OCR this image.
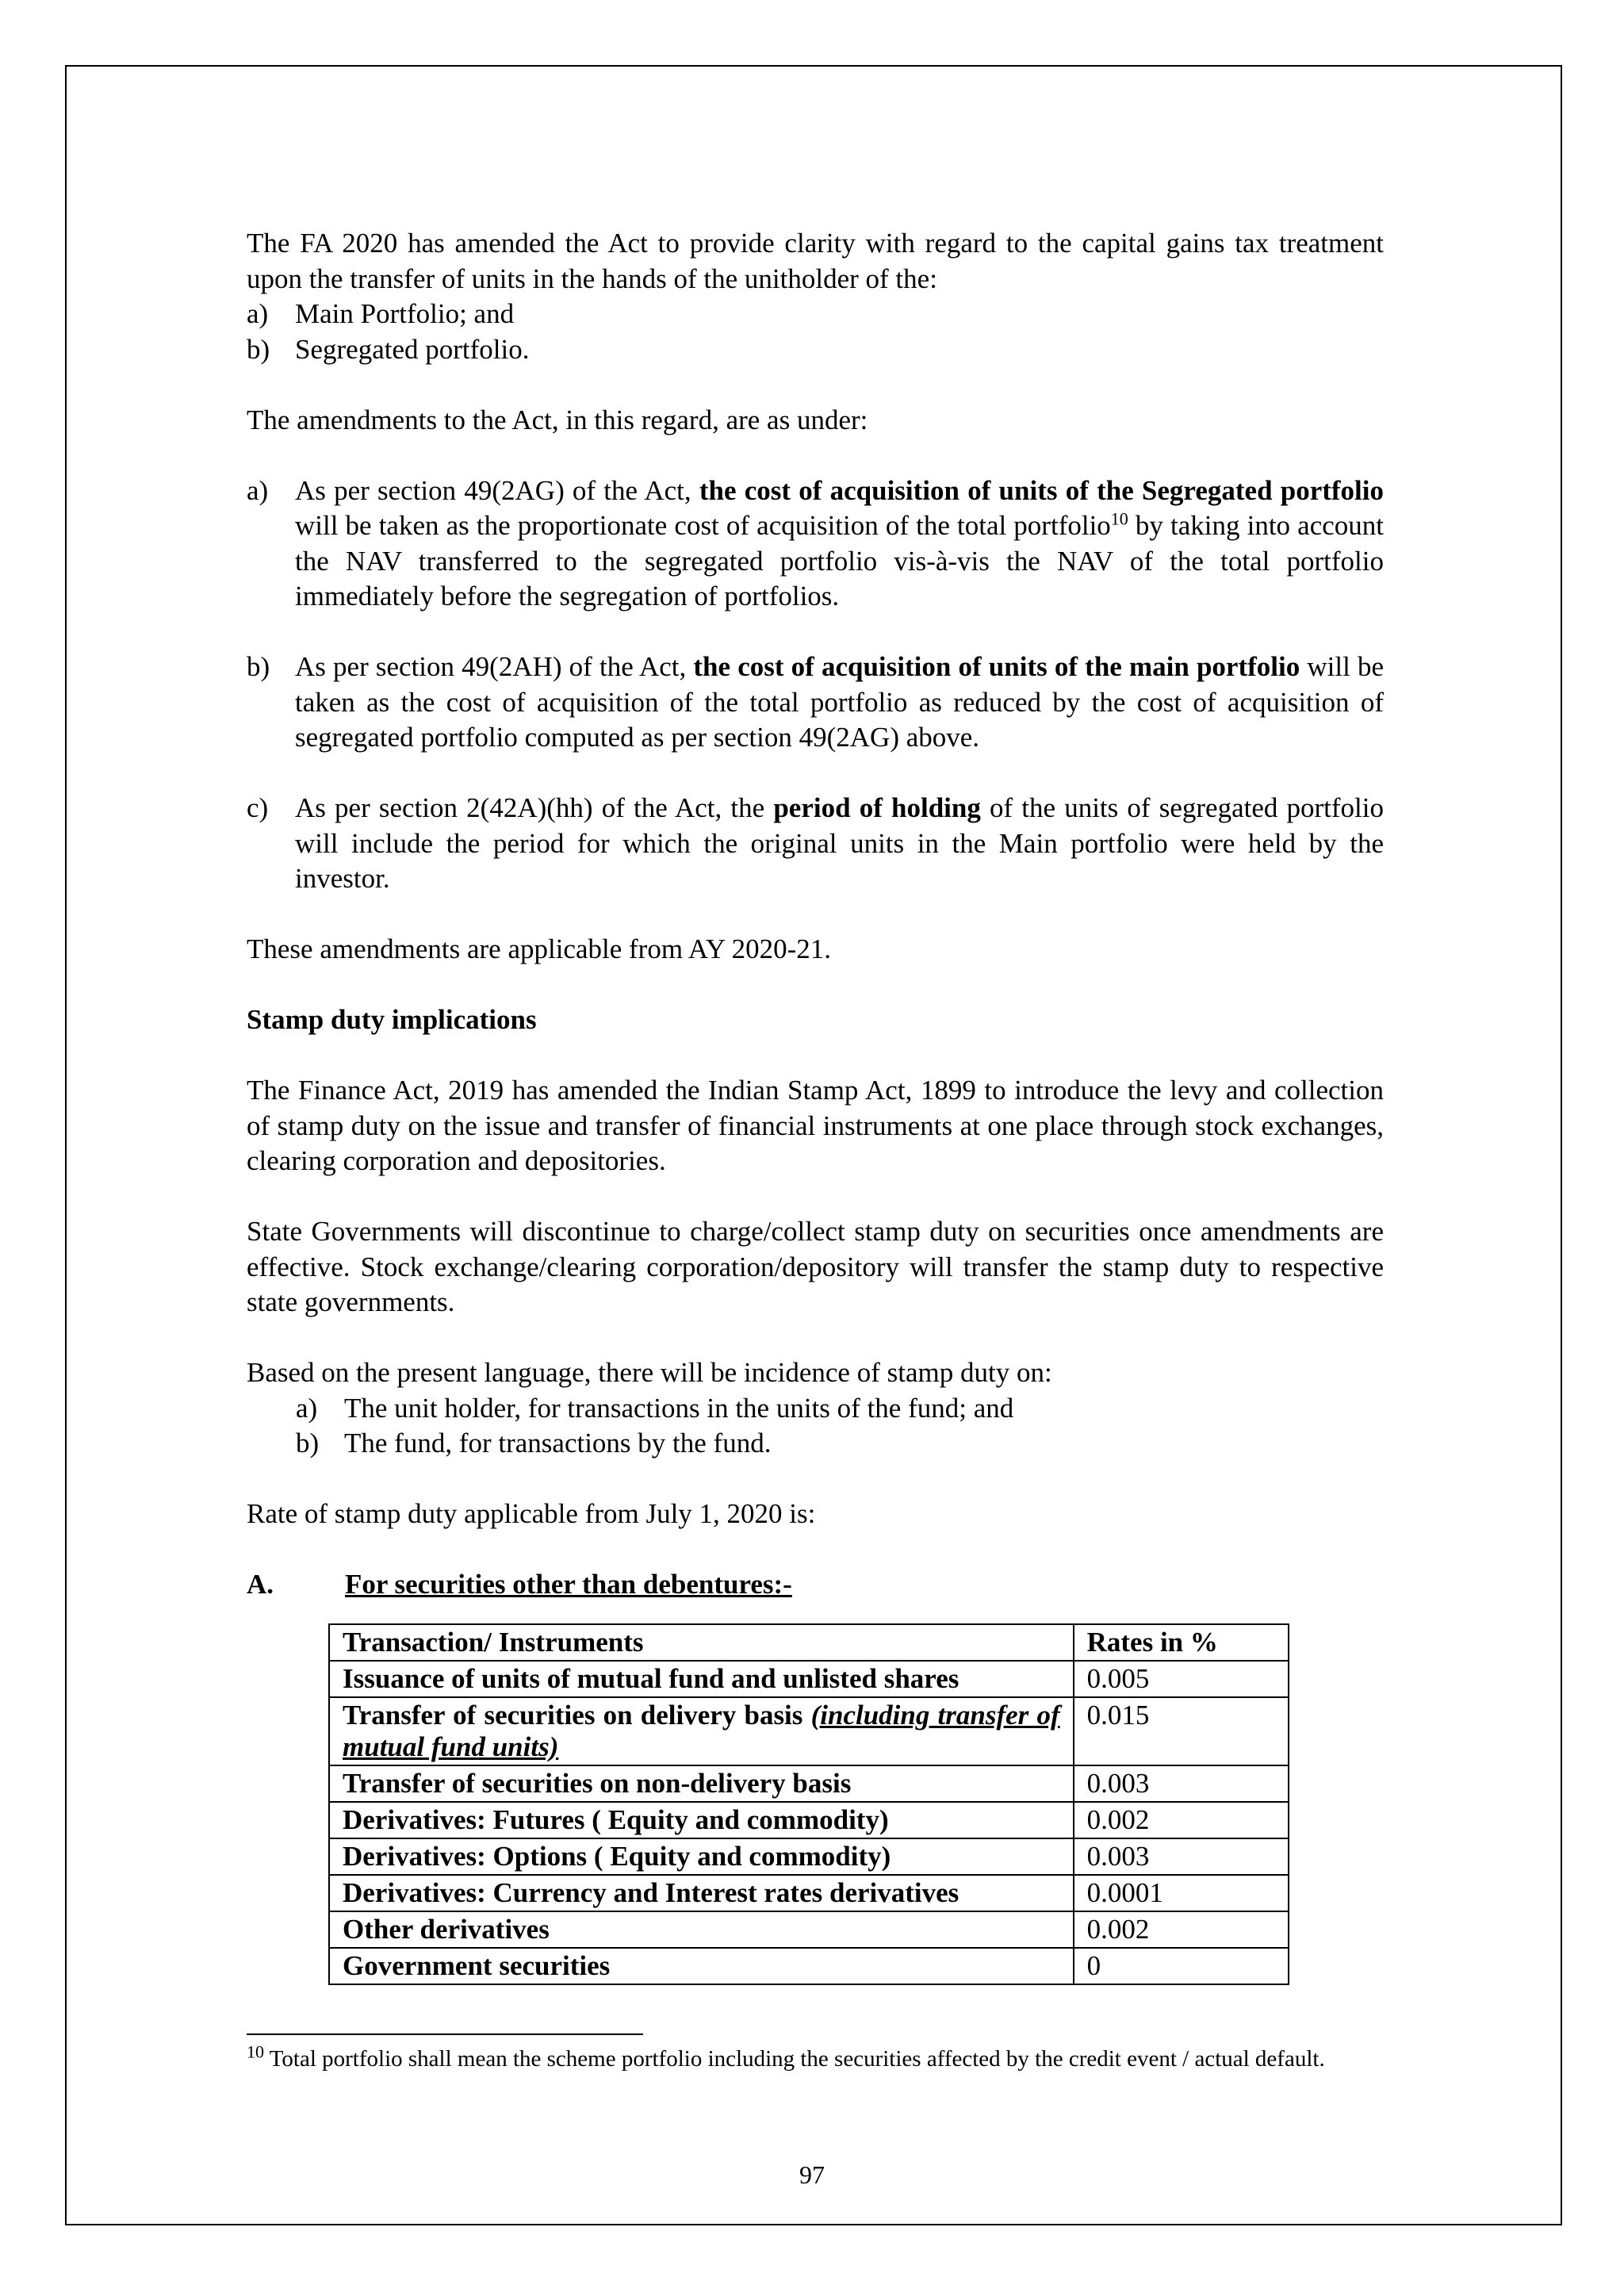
The FA 2020 has amended the Act to provide clarity with regard to the capital gains tax treatment upon the transfer of units in the hands of the unitholder of the:

a) Main Portfolio; and
b) Segregated portfolio.

The amendments to the Act, in this regard, are as under:

a) As per section 49(2AG) of the Act, the cost of acquisition of units of the Segregated portfolio will be taken as the proportionate cost of acquisition of the total portfolio$^{10}$ by taking into account the NAV transferred to the segregated portfolio vis-à-vis the NAV of the total portfolio immediately before the segregation of portfolios.
b) As per section 49(2AH) of the Act, the cost of acquisition of units of the main portfolio will be taken as the cost of acquisition of the total portfolio as reduced by the cost of acquisition of segregated portfolio computed as per section 49(2AG) above.
c) As per section 2(42A)(hh) of the Act, the period of holding of the units of segregated portfolio will include the period for which the original units in the Main portfolio were held by the investor.

These amendments are applicable from AY 2020-21.

Stamp duty implications

The Finance Act, 2019 has amended the Indian Stamp Act, 1899 to introduce the levy and collection of stamp duty on the issue and transfer of financial instruments at one place through stock exchanges, clearing corporation and depositories.

State Governments will discontinue to charge/collect stamp duty on securities once amendments are effective. Stock exchange/clearing corporation/depository will transfer the stamp duty to respective state governments.

Based on the present language, there will be incidence of stamp duty on:

a) The unit holder, for transactions in the units of the fund; and
b) The fund, for transactions by the fund.

Rate of stamp duty applicable from July 1, 2020 is:

A.	For securities other than debentures:-
Transaction/ Instruments	Rates in %
Issuance of units of mutual fund and unlisted shares	0.005
Transfer of securities on delivery basis (including transfer of mutual fund units)	0.015
Transfer of securities on non-delivery basis	0.003
Derivatives: Futures ( Equity and commodity)	0.002
Derivatives: Options ( Equity and commodity)	0.003
Derivatives: Currency and Interest rates derivatives	0.0001
Other derivatives	0.002
Government securities	0
$^{10}$ Total portfolio shall mean the scheme portfolio including the securities affected by the credit event / actual default.
97
